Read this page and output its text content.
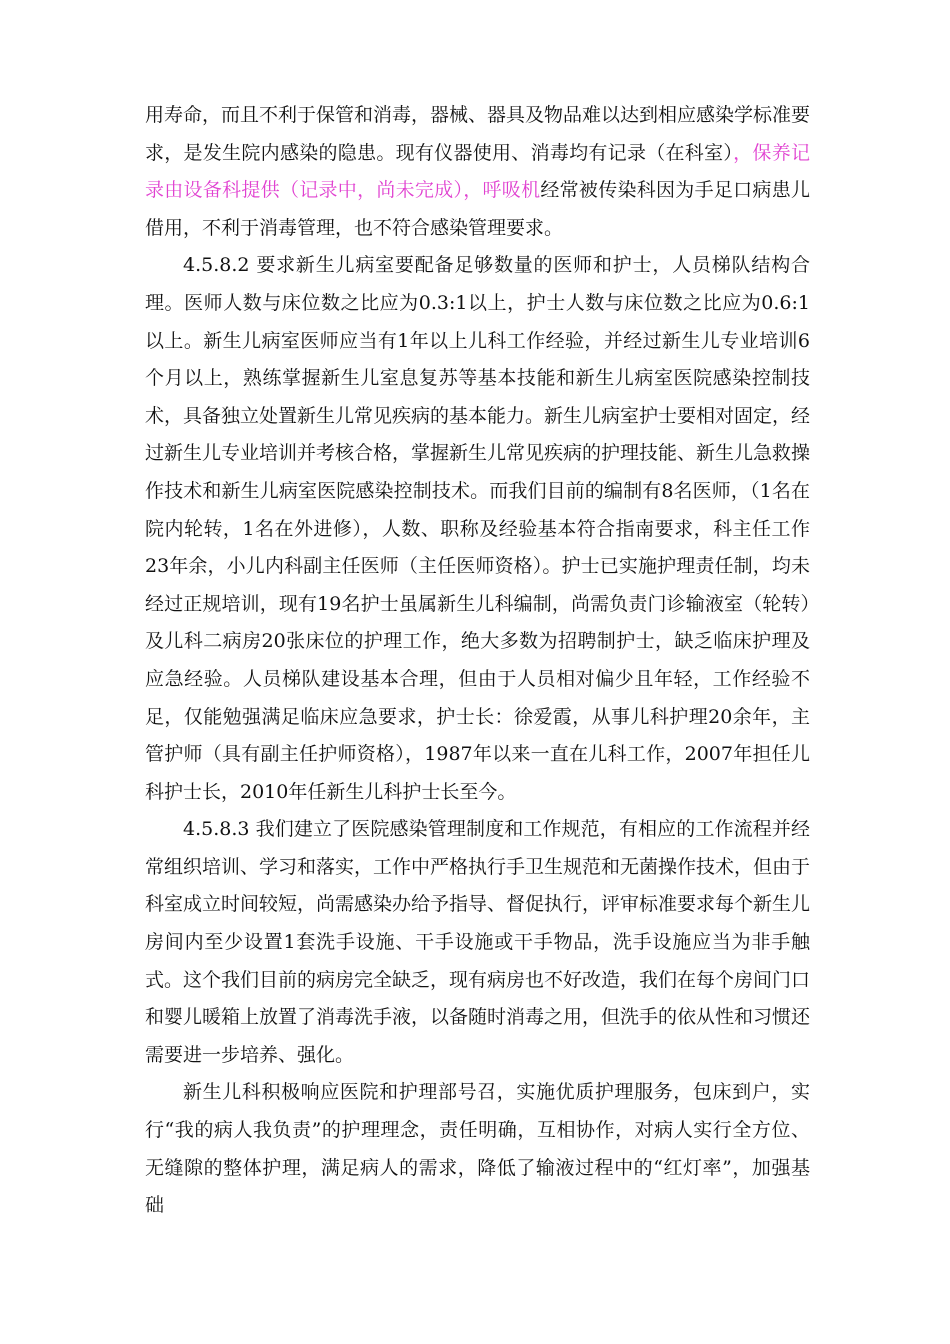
用寿命，而且不利于保管和消毒，器械、器具及物品难以达到相应感染学标准要求，是发生院内感染的隐患。现有仪器使用、消毒均有记录（在科室），保养记录由设备科提供（记录中，尚未完成），呼吸机经常被传染科因为手足口病患儿借用，不利于消毒管理，也不符合感染管理要求。

4.5.8.2 要求新生儿病室要配备足够数量的医师和护士，人员梯队结构合理。医师人数与床位数之比应为0.3:1以上，护士人数与床位数之比应为0.6:1以上。新生儿病室医师应当有1年以上儿科工作经验，并经过新生儿专业培训6个月以上，熟练掌握新生儿室息复苏等基本技能和新生儿病室医院感染控制技术，具备独立处置新生儿常见疾病的基本能力。新生儿病室护士要相对固定，经过新生儿专业培训并考核合格，掌握新生儿常见疾病的护理技能、新生儿急救操作技术和新生儿病室医院感染控制技术。而我们目前的编制有8名医师，（1名在院内轮转，1名在外进修），人数、职称及经验基本符合指南要求，科主任工作23年余，小儿内科副主任医师（主任医师资格）。护士已实施护理责任制，均未经过正规培训，现有19名护士虽属新生儿科编制，尚需负责门诊输液室（轮转）及儿科二病房20张床位的护理工作，绝大多数为招聘制护士，缺乏临床护理及应急经验。人员梯队建设基本合理，但由于人员相对偏少且年轻，工作经验不足，仅能勉强满足临床应急要求，护士长：徐爱霞，从事儿科护理20余年，主管护师（具有副主任护师资格），1987年以来一直在儿科工作，2007年担任儿科护士长，2010年任新生儿科护士长至今。

4.5.8.3 我们建立了医院感染管理制度和工作规范，有相应的工作流程并经常组织培训、学习和落实，工作中严格执行手卫生规范和无菌操作技术，但由于科室成立时间较短，尚需感染办给予指导、督促执行，评审标准要求每个新生儿房间内至少设置1套洗手设施、干手设施或干手物品，洗手设施应当为非手触式。这个我们目前的病房完全缺乏，现有病房也不好改造，我们在每个房间门口和婴儿暖箱上放置了消毒洗手液，以备随时消毒之用，但洗手的依从性和习惯还需要进一步培养、强化。

新生儿科积极响应医院和护理部号召，实施优质护理服务，包床到户，实行“我的病人我负责”的护理理念，责任明确，互相协作，对病人实行全方位、无缝隙的整体护理，满足病人的需求，降低了输液过程中的“红灯率”，加强基础
